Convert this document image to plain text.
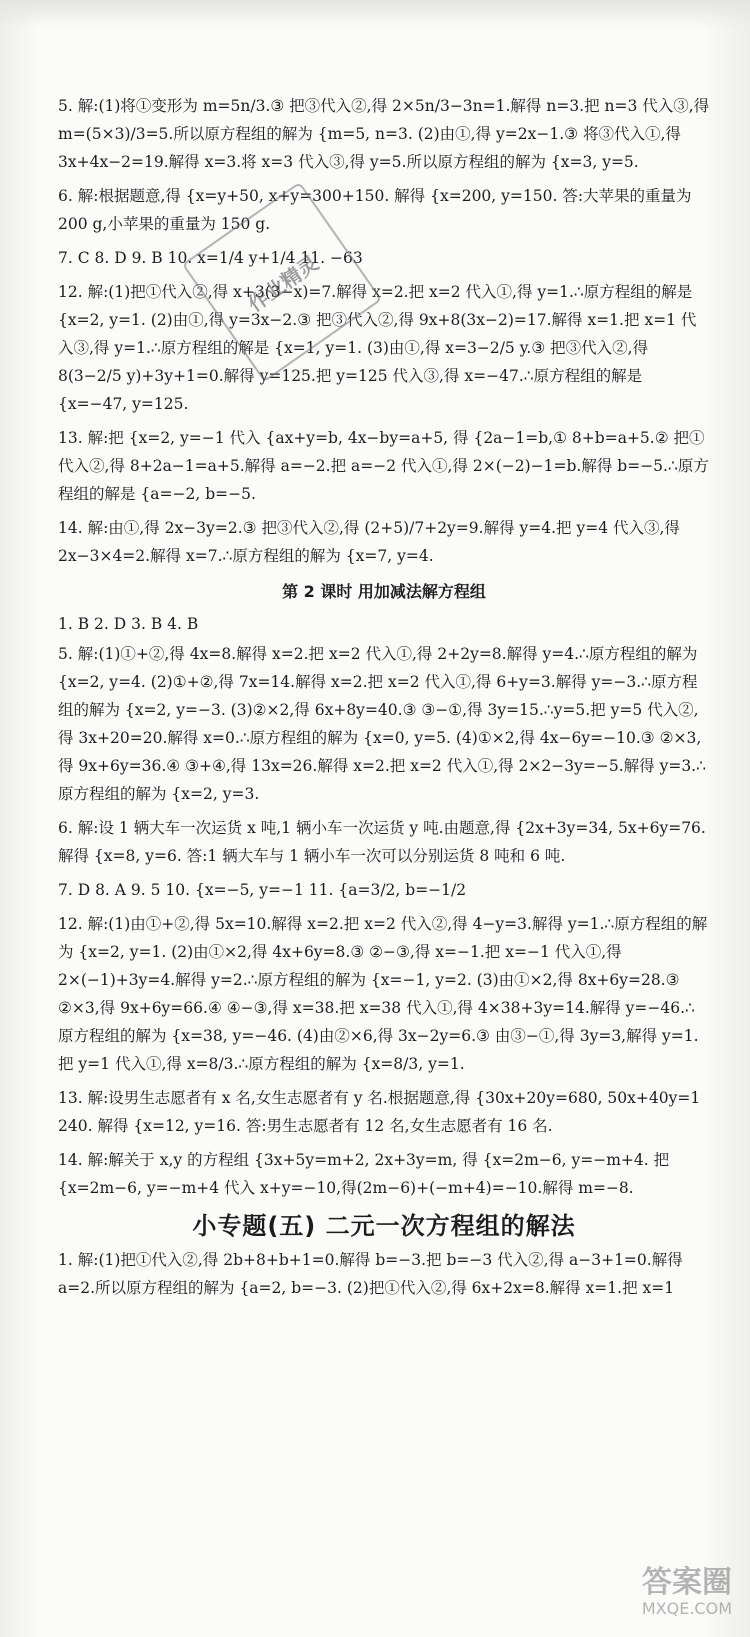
5. 解:(1)将①变形为 m=5n/3.③ 把③代入②,得 2×5n/3−3n=1.解得 n=3.把 n=3 代入③,得 m=(5×3)/3=5.所以原方程组的解为 {m=5, n=3. (2)由①,得 y=2x−1.③ 将③代入①,得 3x+4x−2=19.解得 x=3.将 x=3 代入③,得 y=5.所以原方程组的解为 {x=3, y=5.
6. 解:根据题意,得 {x=y+50, x+y=300+150. 解得 {x=200, y=150. 答:大苹果的重量为 200 g,小苹果的重量为 150 g.
7. C 8. D 9. B 10. x=1/4 y+1/4 11. −63
12. 解:(1)把①代入②,得 x+3(3−x)=7.解得 x=2.把 x=2 代入①,得 y=1.∴原方程组的解是 {x=2, y=1. (2)由①,得 y=3x−2.③ 把③代入②,得 9x+8(3x−2)=17.解得 x=1.把 x=1 代入③,得 y=1.∴原方程组的解是 {x=1, y=1. (3)由①,得 x=3−2/5 y.③ 把③代入②,得 8(3−2/5 y)+3y+1=0.解得 y=125.把 y=125 代入③,得 x=−47.∴原方程组的解是 {x=−47, y=125.
13. 解:把 {x=2, y=−1 代入 {ax+y=b, 4x−by=a+5, 得 {2a−1=b,① 8+b=a+5.② 把①代入②,得 8+2a−1=a+5.解得 a=−2.把 a=−2 代入①,得 2×(−2)−1=b.解得 b=−5.∴原方程组的解是 {a=−2, b=−5.
14. 解:由①,得 2x−3y=2.③ 把③代入②,得 (2+5)/7+2y=9.解得 y=4.把 y=4 代入③,得 2x−3×4=2.解得 x=7.∴原方程组的解为 {x=7, y=4.
第 2 课时 用加减法解方程组
1. B 2. D 3. B 4. B
5. 解:(1)①+②,得 4x=8.解得 x=2.把 x=2 代入①,得 2+2y=8.解得 y=4.∴原方程组的解为 {x=2, y=4. (2)①+②,得 7x=14.解得 x=2.把 x=2 代入①,得 6+y=3.解得 y=−3.∴原方程组的解为 {x=2, y=−3. (3)②×2,得 6x+8y=40.③ ③−①,得 3y=15.∴y=5.把 y=5 代入②,得 3x+20=20.解得 x=0.∴原方程组的解为 {x=0, y=5. (4)①×2,得 4x−6y=−10.③ ②×3,得 9x+6y=36.④ ③+④,得 13x=26.解得 x=2.把 x=2 代入①,得 2×2−3y=−5.解得 y=3.∴原方程组的解为 {x=2, y=3.
6. 解:设 1 辆大车一次运货 x 吨,1 辆小车一次运货 y 吨.由题意,得 {2x+3y=34, 5x+6y=76. 解得 {x=8, y=6. 答:1 辆大车与 1 辆小车一次可以分别运货 8 吨和 6 吨.
7. D 8. A 9. 5 10. {x=−5, y=−1 11. {a=3/2, b=−1/2
12. 解:(1)由①+②,得 5x=10.解得 x=2.把 x=2 代入②,得 4−y=3.解得 y=1.∴原方程组的解为 {x=2, y=1. (2)由①×2,得 4x+6y=8.③ ②−③,得 x=−1.把 x=−1 代入①,得 2×(−1)+3y=4.解得 y=2.∴原方程组的解为 {x=−1, y=2. (3)由①×2,得 8x+6y=28.③ ②×3,得 9x+6y=66.④ ④−③,得 x=38.把 x=38 代入①,得 4×38+3y=14.解得 y=−46.∴原方程组的解为 {x=38, y=−46. (4)由②×6,得 3x−2y=6.③ 由③−①,得 3y=3,解得 y=1.把 y=1 代入①,得 x=8/3.∴原方程组的解为 {x=8/3, y=1.
13. 解:设男生志愿者有 x 名,女生志愿者有 y 名.根据题意,得 {30x+20y=680, 50x+40y=1 240. 解得 {x=12, y=16. 答:男生志愿者有 12 名,女生志愿者有 16 名.
14. 解:解关于 x,y 的方程组 {3x+5y=m+2, 2x+3y=m, 得 {x=2m−6, y=−m+4. 把 {x=2m−6, y=−m+4 代入 x+y=−10,得(2m−6)+(−m+4)=−10.解得 m=−8.
小专题(五) 二元一次方程组的解法
1. 解:(1)把①代入②,得 2b+8+b+1=0.解得 b=−3.把 b=−3 代入②,得 a−3+1=0.解得 a=2.所以原方程组的解为 {a=2, b=−3. (2)把①代入②,得 6x+2x=8.解得 x=1.把 x=1
作业精灵
答案圈
MXQE.COM
